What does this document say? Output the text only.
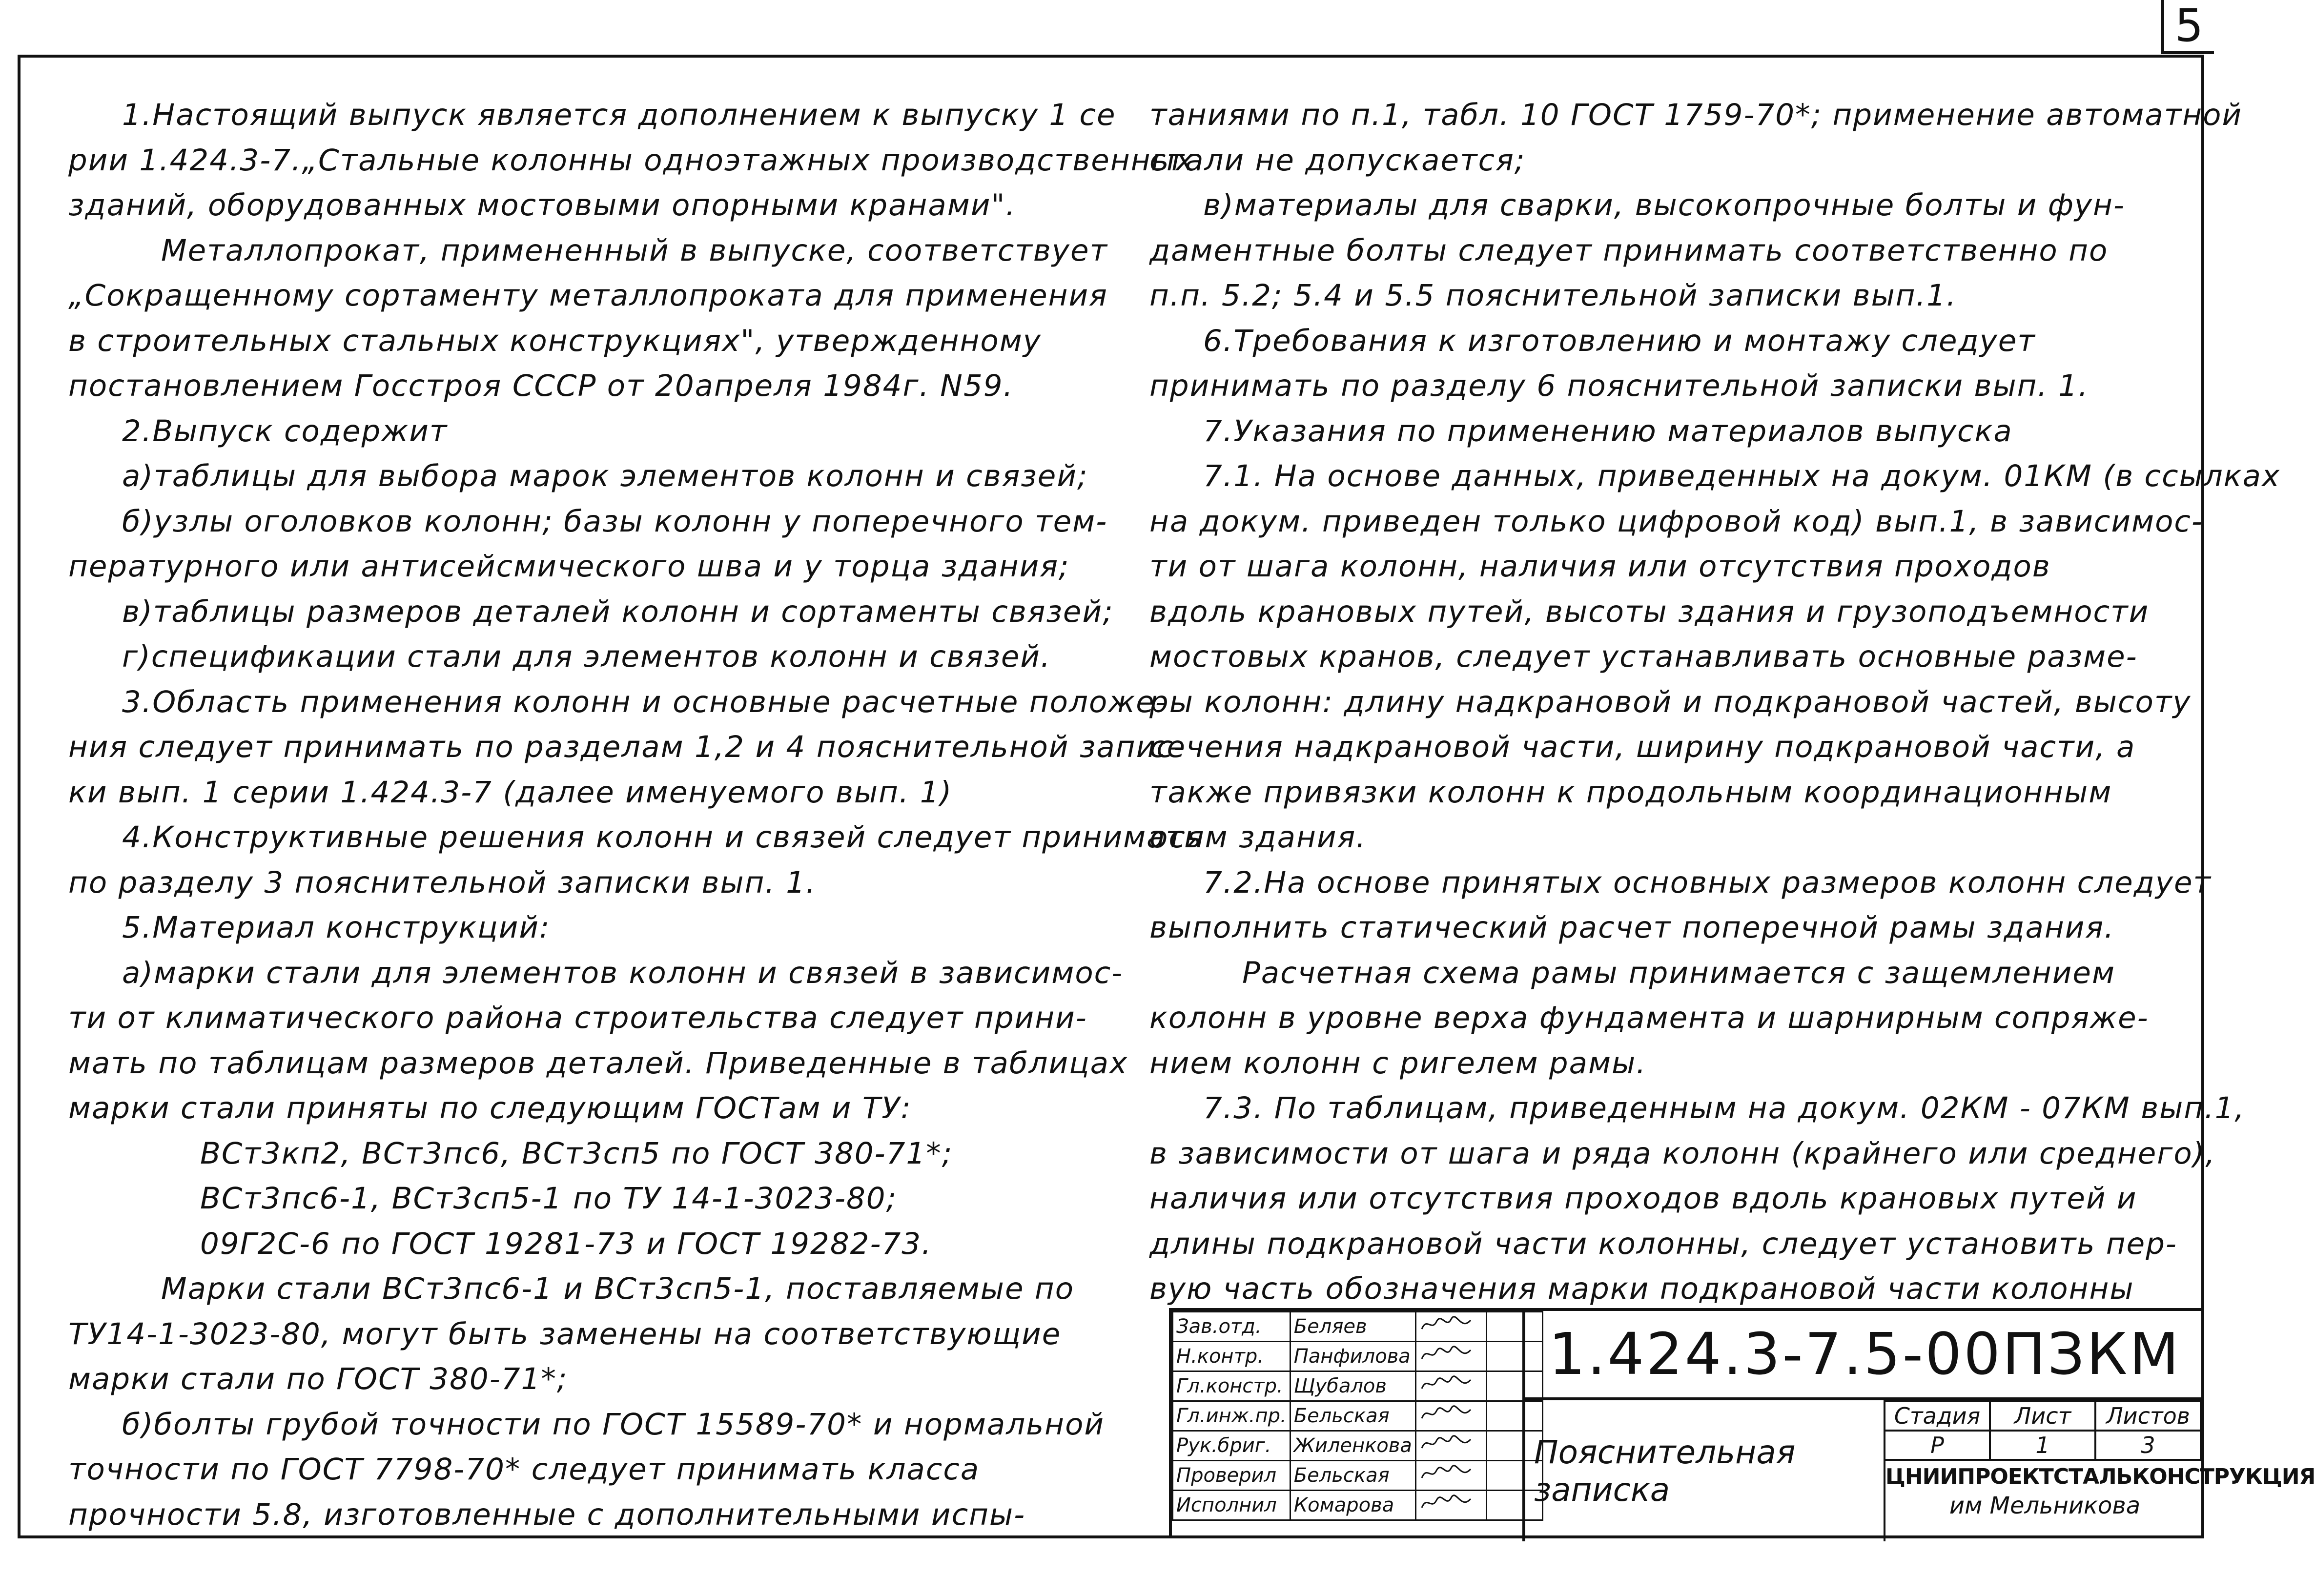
5
1.Настоящий выпуск является дополнением к выпуску 1 се
рии 1.424.3-7.„Стальные колонны одноэтажных производственных
зданий, оборудованных мостовыми опорными кранами".
Металлопрокат, примененный в выпуске, соответствует
„Сокращенному сортаменту металлопроката для применения
в строительных стальных конструкциях", утвержденному
постановлением Госстроя СССР от 20апреля 1984г. N59.
2.Выпуск содержит
а)таблицы для выбора марок элементов колонн и связей;
б)узлы оголовков колонн; базы колонн у поперечного тем-
пературного или антисейсмического шва и у торца здания;
в)таблицы размеров деталей колонн и сортаменты связей;
г)спецификации стали для элементов колонн и связей.
3.Область применения колонн и основные расчетные положе-
ния следует принимать по разделам 1,2 и 4 пояснительной запис-
ки вып. 1 серии 1.424.3-7 (далее именуемого вып. 1)
4.Конструктивные решения колонн и связей следует принимать
по разделу 3 пояснительной записки вып. 1.
5.Материал конструкций:
а)марки стали для элементов колонн и связей в зависимос-
ти от климатического района строительства следует прини-
мать по таблицам размеров деталей. Приведенные в таблицах
марки стали приняты по следующим ГОСТам и ТУ:
ВСт3кп2, ВСт3пс6, ВСт3сп5 по ГОСТ 380-71*;
ВСт3пс6-1, ВСт3сп5-1 по ТУ 14-1-3023-80;
09Г2С-6 по ГОСТ 19281-73 и ГОСТ 19282-73.
Марки стали ВСт3пс6-1 и ВСт3сп5-1, поставляемые по
ТУ14-1-3023-80, могут быть заменены на соответствующие
марки стали по ГОСТ 380-71*;
б)болты грубой точности по ГОСТ 15589-70* и нормальной
точности по ГОСТ 7798-70* следует принимать класса
прочности 5.8, изготовленные с дополнительными испы-
таниями по п.1, табл. 10 ГОСТ 1759-70*; применение автоматной
стали не допускается;
в)материалы для сварки, высокопрочные болты и фун-
даментные болты следует принимать соответственно по
п.п. 5.2; 5.4 и 5.5 пояснительной записки вып.1.
6.Требования к изготовлению и монтажу следует
принимать по разделу 6 пояснительной записки вып. 1.
7.Указания по применению материалов выпуска
7.1. На основе данных, приведенных на докум. 01КМ (в ссылках
на докум. приведен только цифровой код) вып.1, в зависимос-
ти от шага колонн, наличия или отсутствия проходов
вдоль крановых путей, высоты здания и грузоподъемности
мостовых кранов, следует устанавливать основные разме-
ры колонн: длину надкрановой и подкрановой частей, высоту
сечения надкрановой части, ширину подкрановой части, а
также привязки колонн к продольным координационным
осям здания.
7.2.На основе принятых основных размеров колонн следует
выполнить статический расчет поперечной рамы здания.
Расчетная схема рамы принимается с защемлением
колонн в уровне верха фундамента и шарнирным сопряже-
нием колонн с ригелем рамы.
7.3. По таблицам, приведенным на докум. 02КМ - 07КМ вып.1,
в зависимости от шага и ряда колонн (крайнего или среднего),
наличия или отсутствия проходов вдоль крановых путей и
длины подкрановой части колонны, следует установить пер-
вую часть обозначения марки подкрановой части колонны
Зав.отд.	Беляев		
Н.контр.	Панфилова		
Гл.констр.	Щубалов		
Гл.инж.пр.	Бельская		
Рук.бриг.	Жиленкова		
Проверил	Бельская		
Исполнил	Комарова		
1.424.3-7.5-00ПЗКМ
Пояснительная записка
Стадия	Лист	Листов
Р	1	3
ЦНИИПРОЕКТСТАЛЬКОНСТРУКЦИЯ
им Мельникова
